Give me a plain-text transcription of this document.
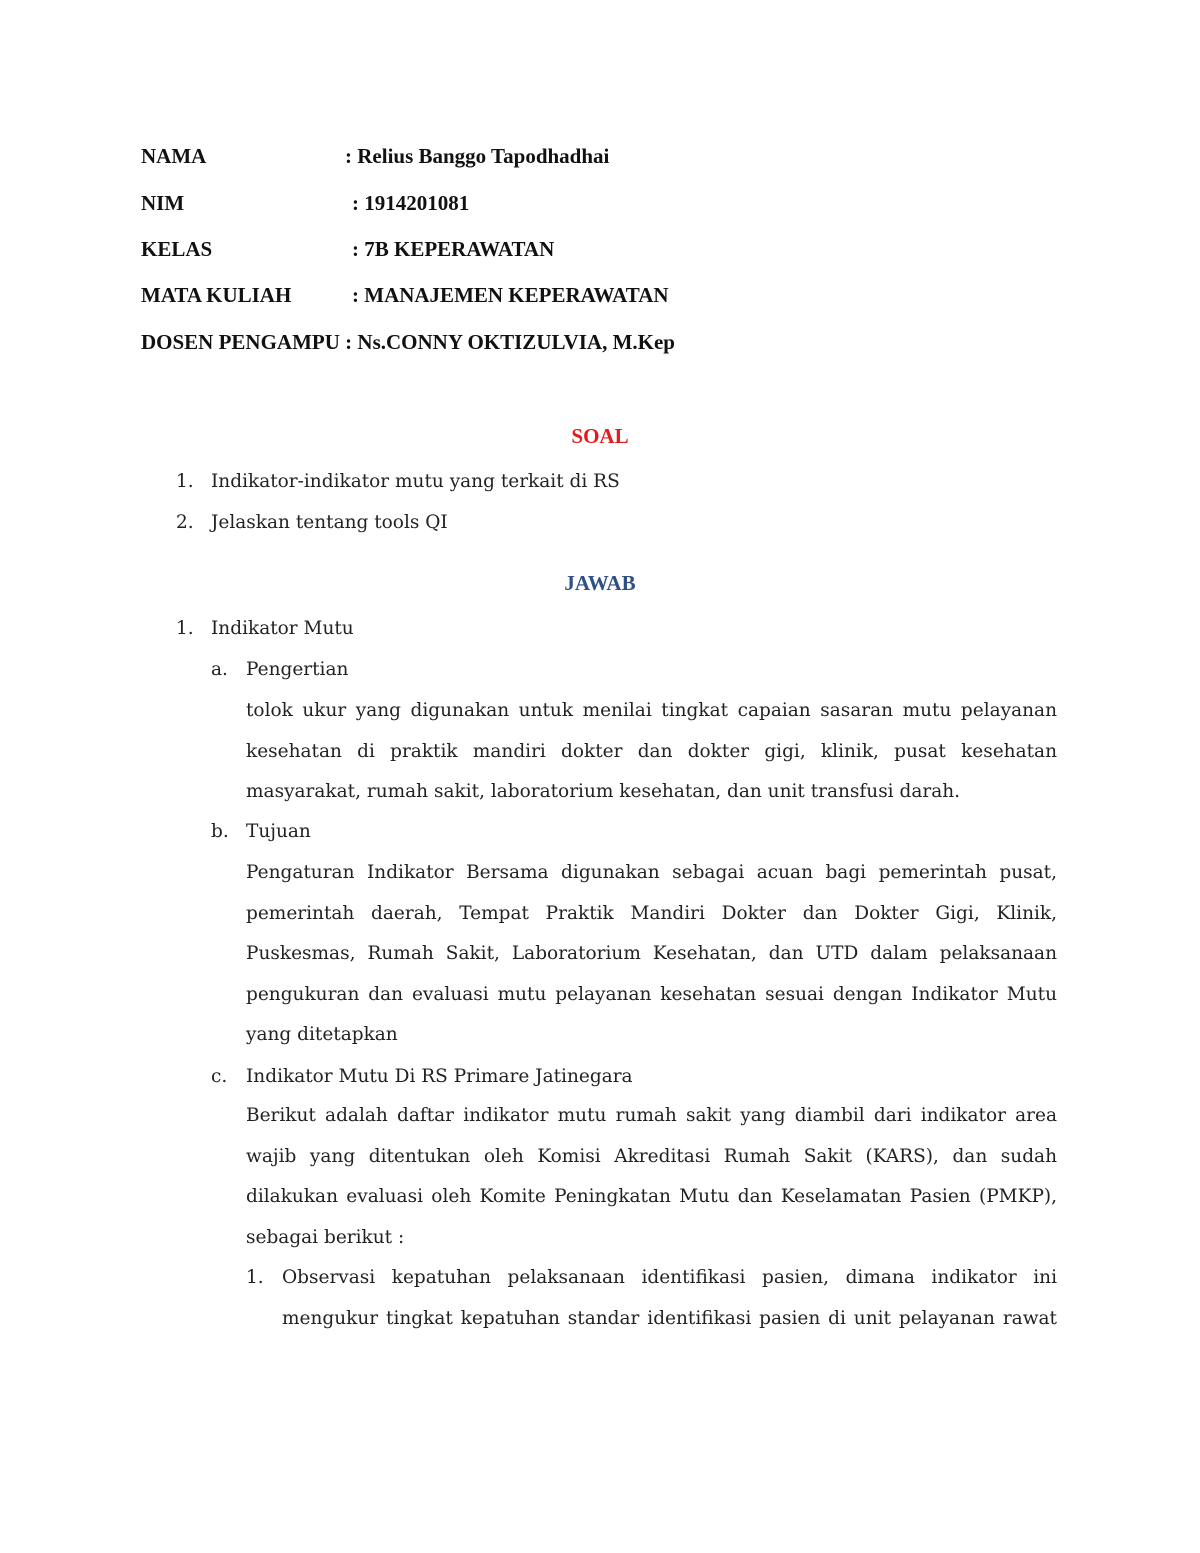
NAMA	: Relius Banggo Tapodhadhai
NIM	: 1914201081
KELAS	: 7B KEPERAWATAN
MATA KULIAH	: MANAJEMEN KEPERAWATAN
DOSEN PENGAMPU : Ns.CONNY OKTIZULVIA, M.Kep
SOAL
1. Indikator-indikator mutu yang terkait di RS
2. Jelaskan tentang tools QI
JAWAB
1. Indikator Mutu
a. Pengertian
tolok ukur yang digunakan untuk menilai tingkat capaian sasaran mutu pelayanan kesehatan di praktik mandiri dokter dan dokter gigi, klinik, pusat kesehatan masyarakat, rumah sakit, laboratorium kesehatan, dan unit transfusi darah.
b. Tujuan
Pengaturan Indikator Bersama digunakan sebagai acuan bagi pemerintah pusat, pemerintah daerah, Tempat Praktik Mandiri Dokter dan Dokter Gigi, Klinik, Puskesmas, Rumah Sakit, Laboratorium Kesehatan, dan UTD dalam pelaksanaan pengukuran dan evaluasi mutu pelayanan kesehatan sesuai dengan Indikator Mutu yang ditetapkan
c. Indikator Mutu Di RS Primare Jatinegara
Berikut adalah daftar indikator mutu rumah sakit yang diambil dari indikator area wajib yang ditentukan oleh Komisi Akreditasi Rumah Sakit (KARS), dan sudah dilakukan evaluasi oleh Komite Peningkatan Mutu dan Keselamatan Pasien (PMKP), sebagai berikut :
1. Observasi kepatuhan pelaksanaan identifikasi pasien, dimana indikator ini mengukur tingkat kepatuhan standar identifikasi pasien di unit pelayanan rawat
